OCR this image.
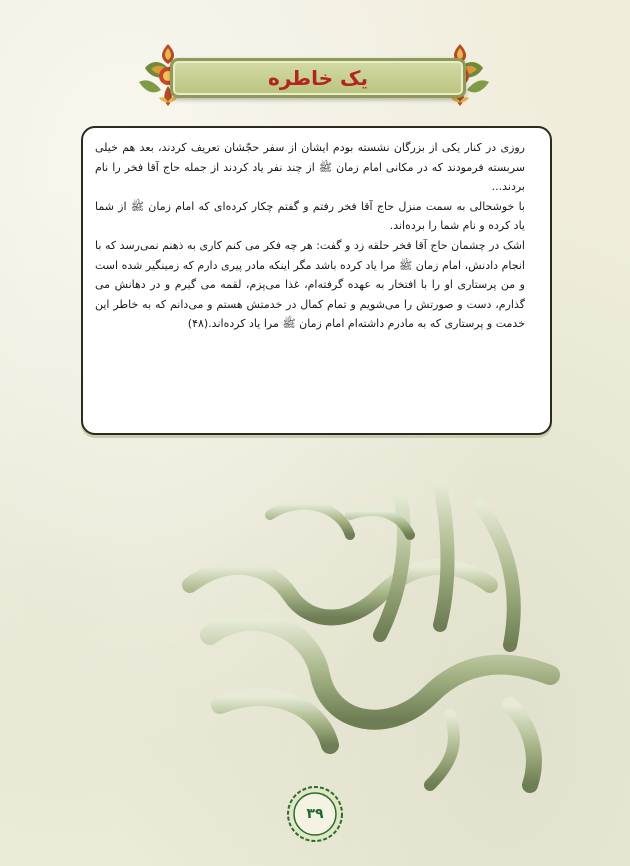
یک خاطره

روزی در کنار یکی از بزرگان نشسته بودم ایشان از سفر حجّشان تعریف کردند، بعد هم خیلی سربسته فرمودند که در مکانی امام زمان ﷺ از چند نفر یاد کردند از جمله حاج آقا فخر را نام بردند...

با خوشحالی به سمت منزل حاج آقا فخر رفتم و گفتم چکار کرده‌ای که امام زمان ﷺ از شما یاد کرده و نام شما را برده‌اند.

اشک در چشمان حاج آقا فخر حلقه زد و گفت: هر چه فکر می کنم کاری به ذهنم نمی‌رسد که با انجام دادنش، امام زمان ﷺ مرا یاد کرده باشد مگر اینکه مادر پیری دارم که زمینگیر شده است و من پرستاری او را با افتخار به عهده گرفته‌ام، غذا می‌پزم، لقمه می گیرم و در دهانش می گذارم، دست و صورتش را می‌شویم و تمام کمال در خدمتش هستم و می‌دانم که به خاطر این خدمت و پرستاری که به مادرم داشته‌ام امام زمان ﷺ مرا یاد کرده‌اند.(۴۸)

۳۹
